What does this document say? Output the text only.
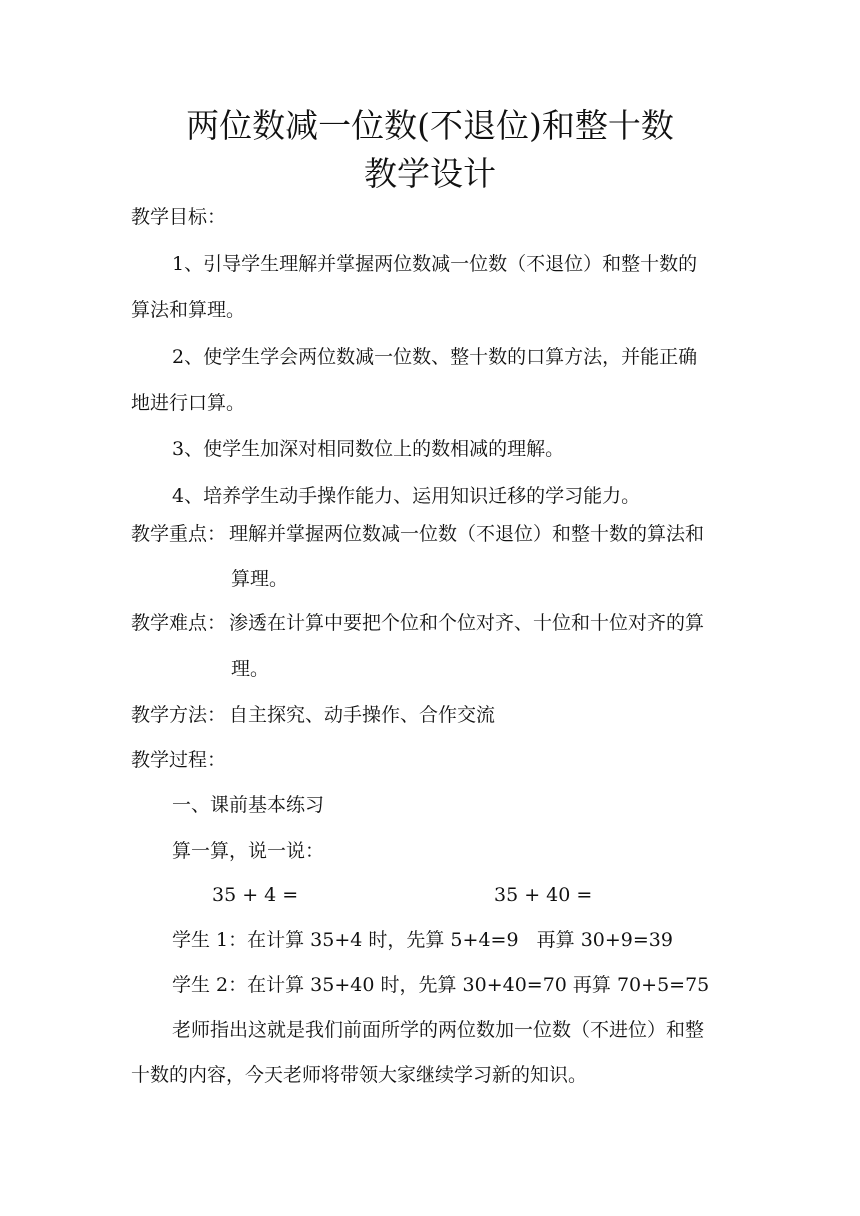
两位数减一位数(不退位)和整十数
教学设计
教学目标：
1、引导学生理解并掌握两位数减一位数（不退位）和整十数的
算法和算理。
2、使学生学会两位数减一位数、整十数的口算方法，并能正确
地进行口算。
3、使学生加深对相同数位上的数相减的理解。
4、培养学生动手操作能力、运用知识迁移的学习能力。
教学重点： 理解并掌握两位数减一位数（不退位）和整十数的算法和
算理。
教学难点： 渗透在计算中要把个位和个位对齐、十位和十位对齐的算
理。
教学方法： 自主探究、动手操作、合作交流
教学过程：
一、课前基本练习
算一算，说一说：
35 + 4 =	35 + 40 =
学生 1：在计算 35+4 时，先算 5+4=9   再算 30+9=39
学生 2：在计算 35+40 时，先算 30+40=70 再算 70+5=75
老师指出这就是我们前面所学的两位数加一位数（不进位）和整
十数的内容，今天老师将带领大家继续学习新的知识。
